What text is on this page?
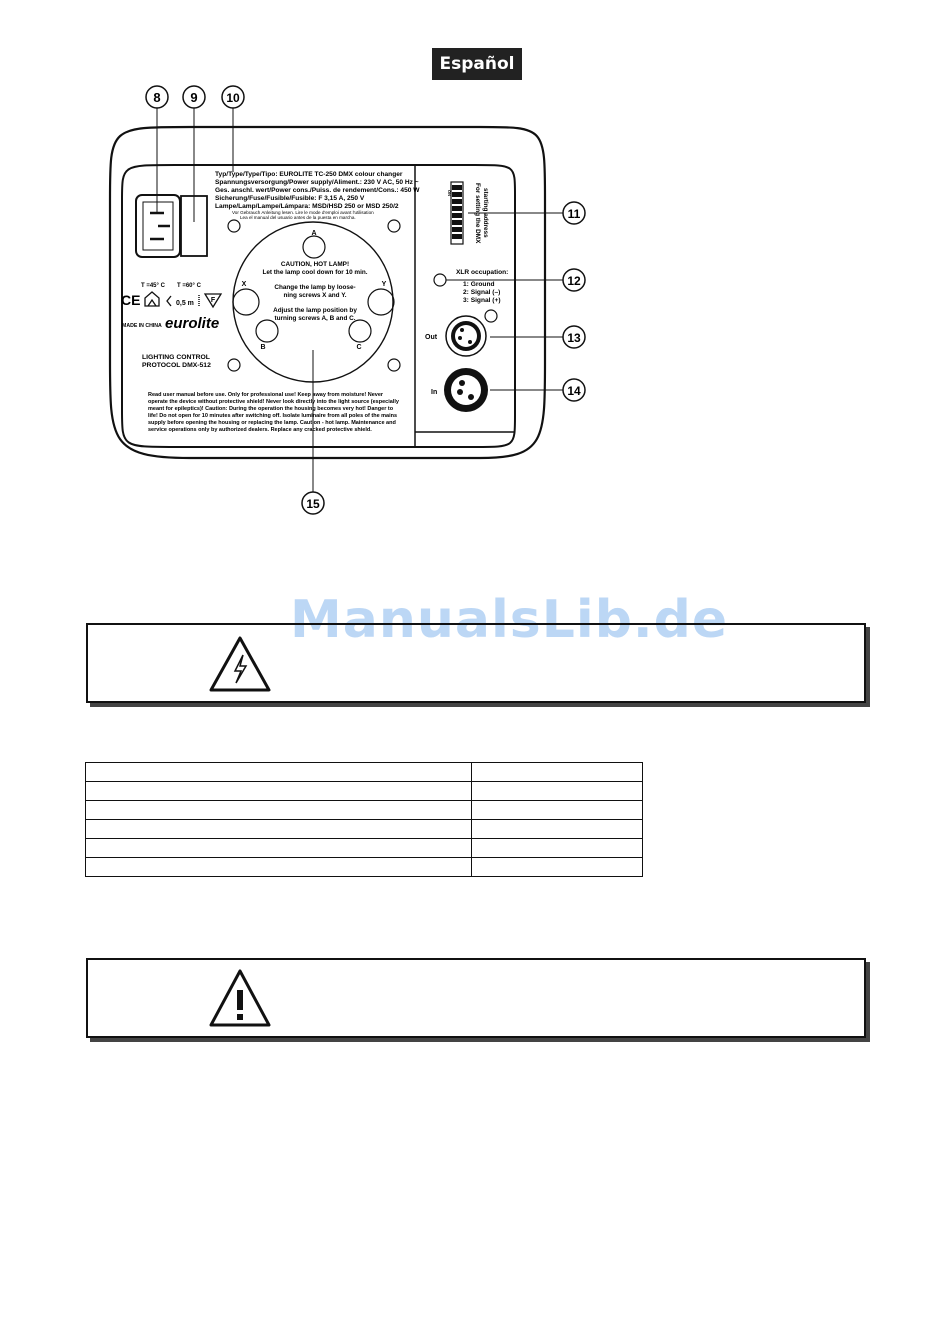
Español
8 9 10
11
12
13
14
15
Typ/Type/Type/Tipo: EUROLITE TC-250 DMX colour changer
Spannungsversorgung/Power supply/Aliment.: 230 V AC, 50 Hz ~
Ges. anschl. wert/Power cons./Puiss. de rendement/Cons.: 450 W
Sicherung/Fuse/Fusible/Fusible: F 3,15 A, 250 V
Lampe/Lamp/Lampe/Lámpara: MSD/HSD 250 or MSD 250/2
Vor Gebrauch Anleitung lesen. Lire le mode d'emploi avant l'utilisation
Lea el manual del usuario antes de la puesta en marcha.
A
X	Y
B	C
CAUTION, HOT LAMP!
Let the lamp cool down for 10 min.
Change the lamp by loose-
ning screws X and Y.
Adjust the lamp position by
turning screws A, B and C.
T =45° C T =60° C
CE	0,5 m F
MADE IN CHINA eurolite
LIGHTING CONTROL
PROTOCOL DMX-512
Read user manual before use. Only for professional use! Keep away from moisture! Never
operate the device without protective shield! Never look directly into the light source (especially
meant for epileptics)! Caution: During the operation the housing becomes very hot! Danger to
life! Do not open for 10 minutes after switching off. Isolate luminaire from all poles of the mains
supply before opening the housing or replacing the lamp. Caution - hot lamp. Maintenance and
service operations only by authorized dealers. Replace any cracked protective shield.
ON	For setting the DMX starting address
XLR occupation:
1: Ground
2: Signal (–)
3: Signal (+)
Out
In
ManualsLib.de
